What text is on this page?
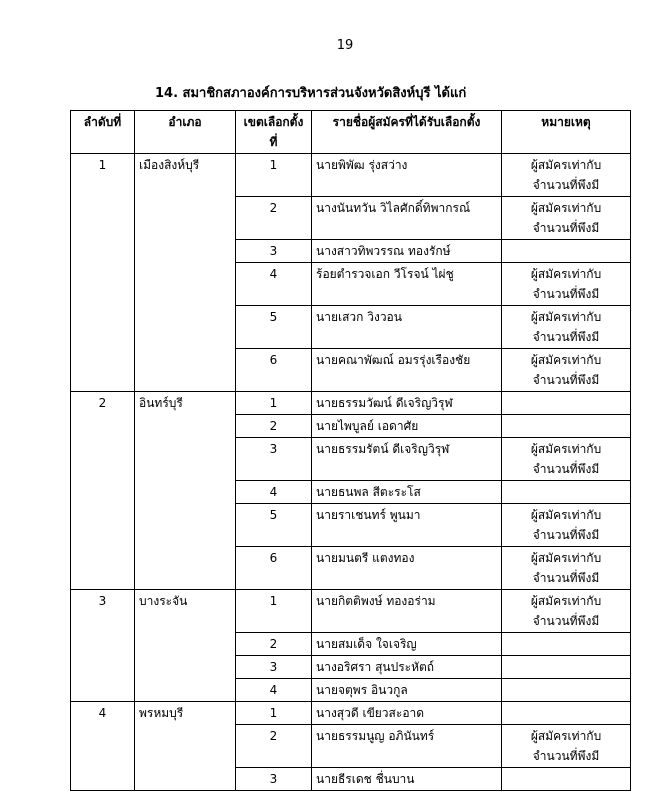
19
14. สมาชิกสภาองค์การบริหารส่วนจังหวัดสิงห์บุรี ได้แก่
ลำดับที่	อำเภอ	เขตเลือกตั้งที่	รายชื่อผู้สมัครที่ได้รับเลือกตั้ง	หมายเหตุ
1	เมืองสิงห์บุรี	1	นายพิพัฒ รุ่งสว่าง	ผู้สมัครเท่ากับ
จำนวนที่พึงมี

		2	นางนันทวัน วิไลศักดิ์ทิพากรณ์	ผู้สมัครเท่ากับ
จำนวนที่พึงมี

		3	นางสาวทิพวรรณ ทองรักษ์	
		4	ร้อยตำรวจเอก วีโรจน์ ไผ่ชู	ผู้สมัครเท่ากับ
จำนวนที่พึงมี

		5	นายเสวก วิงวอน	ผู้สมัครเท่ากับ
จำนวนที่พึงมี

		6	นายคณาพัฒณ์ อมรรุ่งเรืองชัย	ผู้สมัครเท่ากับ
จำนวนที่พึงมี

2	อินทร์บุรี	1	นายธรรมวัฒน์ ดีเจริญวิรุฬ	
		2	นายไพบูลย์ เอดาศัย	
		3	นายธรรมรัตน์ ดีเจริญวิรุฬ	ผู้สมัครเท่ากับ
จำนวนที่พึงมี

		4	นายธนพล สีตะระโส	
		5	นายราเชนทร์ พูนมา	ผู้สมัครเท่ากับ
จำนวนที่พึงมี

		6	นายมนตรี แตงทอง	ผู้สมัครเท่ากับ
จำนวนที่พึงมี

3	บางระจัน	1	นายกิตติพงษ์ ทองอร่าม	ผู้สมัครเท่ากับ
จำนวนที่พึงมี

		2	นายสมเด็จ ใจเจริญ	
		3	นางอริศรา สุนประหัตถ์	
		4	นายจตุพร อินวกูล	
4	พรหมบุรี	1	นางสุวดี เขียวสะอาด	
		2	นายธรรมนูญ อภินันทร์	ผู้สมัครเท่ากับ
จำนวนที่พึงมี

		3	นายธีรเดช ชื่นบาน	
